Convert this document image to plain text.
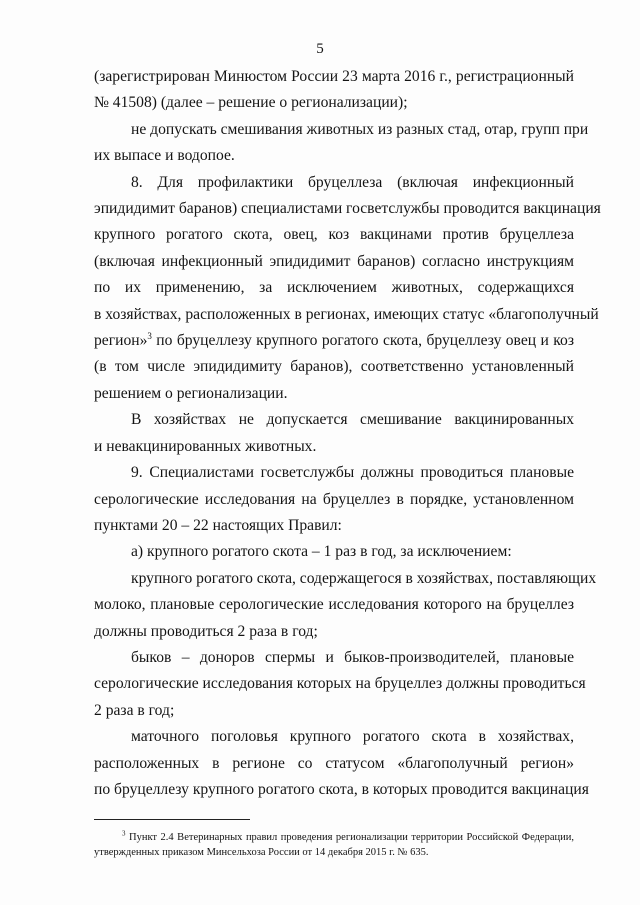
5

(зарегистрирован Минюстом России 23 марта 2016 г., регистрационный

№ 41508) (далее – решение о регионализации);

не допускать смешивания животных из разных стад, отар, групп при

их выпасе и водопое.

8. Для профилактики бруцеллеза (включая инфекционный

эпидидимит баранов) специалистами госветслужбы проводится вакцинация

крупного рогатого скота, овец, коз вакцинами против бруцеллеза

(включая инфекционный эпидидимит баранов) согласно инструкциям

по их применению, за исключением животных, содержащихся

в хозяйствах, расположенных в регионах, имеющих статус «благополучный

регион»$^3$ по бруцеллезу крупного рогатого скота, бруцеллезу овец и коз

(в том числе эпидидимиту баранов), соответственно установленный

решением о регионализации.

В хозяйствах не допускается смешивание вакцинированных

и невакцинированных животных.

9. Специалистами госветслужбы должны проводиться плановые

серологические исследования на бруцеллез в порядке, установленном

пунктами 20 – 22 настоящих Правил:

а) крупного рогатого скота – 1 раз в год, за исключением:

крупного рогатого скота, содержащегося в хозяйствах, поставляющих

молоко, плановые серологические исследования которого на бруцеллез

должны проводиться 2 раза в год;

быков – доноров спермы и быков-производителей, плановые

серологические исследования которых на бруцеллез должны проводиться

2 раза в год;

маточного поголовья крупного рогатого скота в хозяйствах,

расположенных в регионе со статусом «благополучный регион»

по бруцеллезу крупного рогатого скота, в которых проводится вакцинация

$^3$ Пункт 2.4 Ветеринарных правил проведения регионализации территории Российской Федерации,

утвержденных приказом Минсельхоза России от 14 декабря 2015 г. № 635.
